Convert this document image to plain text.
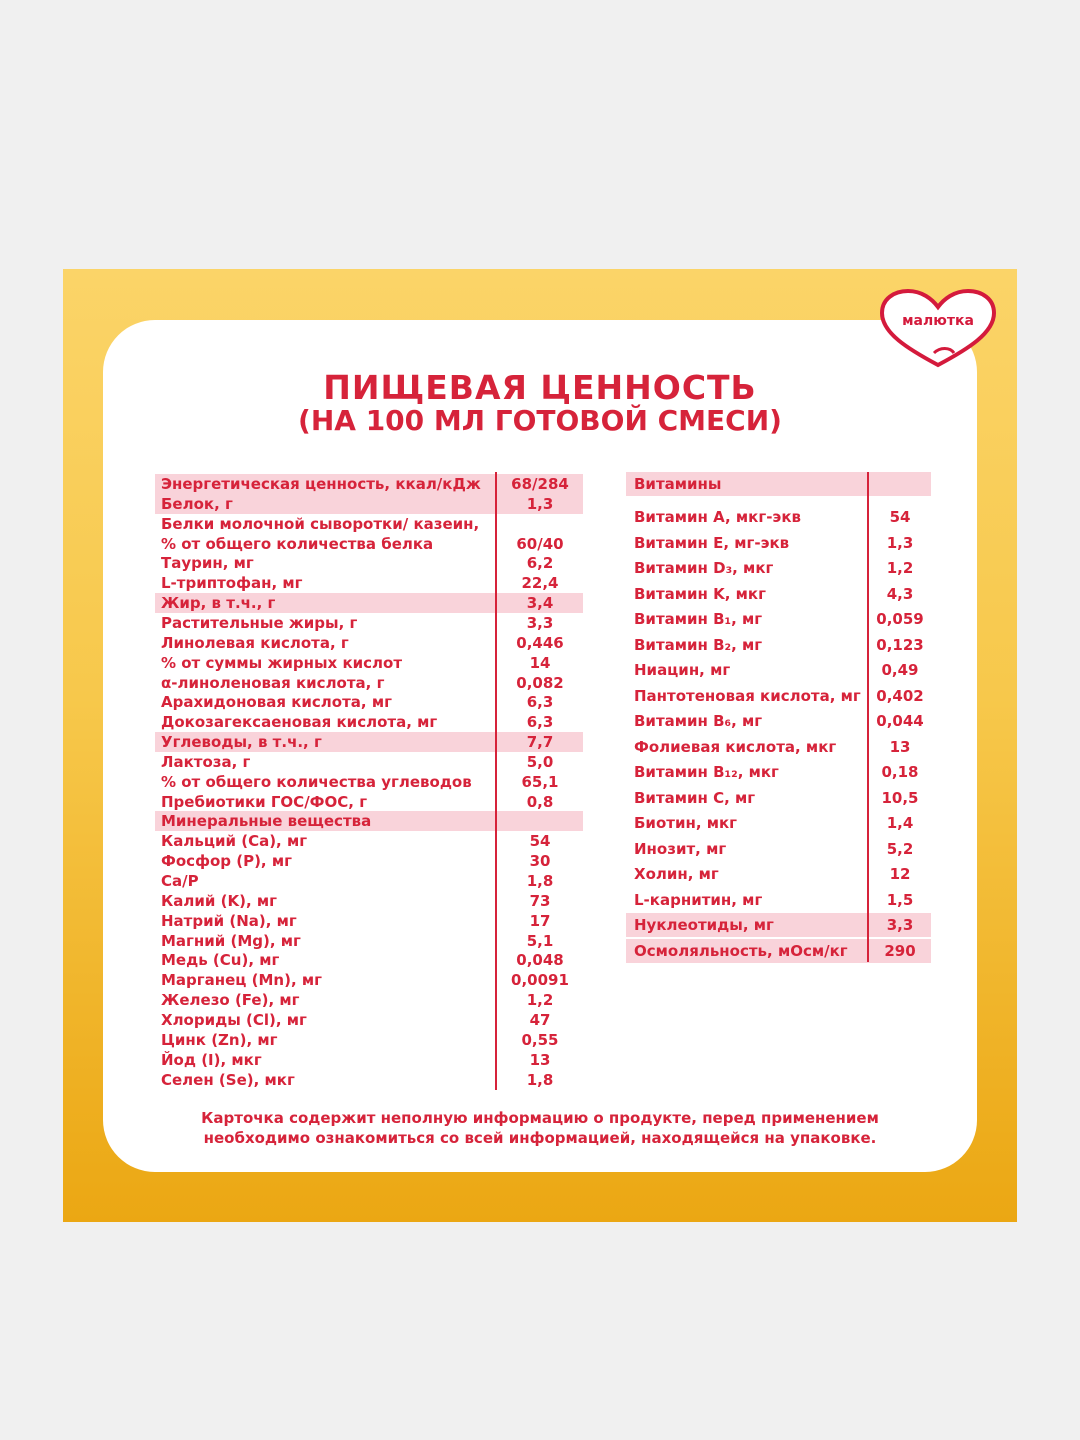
малютка
ПИЩЕВАЯ ЦЕННОСТЬ
(НА 100 МЛ ГОТОВОЙ СМЕСИ)
Энергетическая ценность, ккал/кДж	68/284
Белок, г	1,3
Белки молочной сыворотки/ казеин,
% от общего количества белка	60/40
Таурин, мг	6,2
L-триптофан, мг	22,4
Жир, в т.ч., г	3,4
Растительные жиры, г	3,3
Линолевая кислота, г	0,446
% от суммы жирных кислот	14
α-линоленовая кислота, г	0,082
Арахидоновая кислота, мг	6,3
Докозагексаеновая кислота, мг	6,3
Углеводы, в т.ч., г	7,7
Лактоза, г	5,0
% от общего количества углеводов	65,1
Пребиотики ГОС/ФОС, г	0,8
Минеральные вещества
Кальций (Ca), мг	54
Фосфор (P), мг	30
Ca/P	1,8
Калий (K), мг	73
Натрий (Na), мг	17
Магний (Mg), мг	5,1
Медь (Cu), мг	0,048
Марганец (Mn), мг	0,0091
Железо (Fe), мг	1,2
Хлориды (Cl), мг	47
Цинк (Zn), мг	0,55
Йод (I), мкг	13
Селен (Se), мкг	1,8
Витамины
Витамин A, мкг-экв	54
Витамин E, мг-экв	1,3
Витамин D₃, мкг	1,2
Витамин K, мкг	4,3
Витамин B₁, мг	0,059
Витамин B₂, мг	0,123
Ниацин, мг	0,49
Пантотеновая кислота, мг	0,402
Витамин B₆, мг	0,044
Фолиевая кислота, мкг	13
Витамин B₁₂, мкг	0,18
Витамин C, мг	10,5
Биотин, мкг	1,4
Инозит, мг	5,2
Холин, мг	12
L-карнитин, мг	1,5
Нуклеотиды, мг	3,3
Осмоляльность, мОсм/кг	290
Карточка содержит неполную информацию о продукте, перед применением
необходимо ознакомиться со всей информацией, находящейся на упаковке.
